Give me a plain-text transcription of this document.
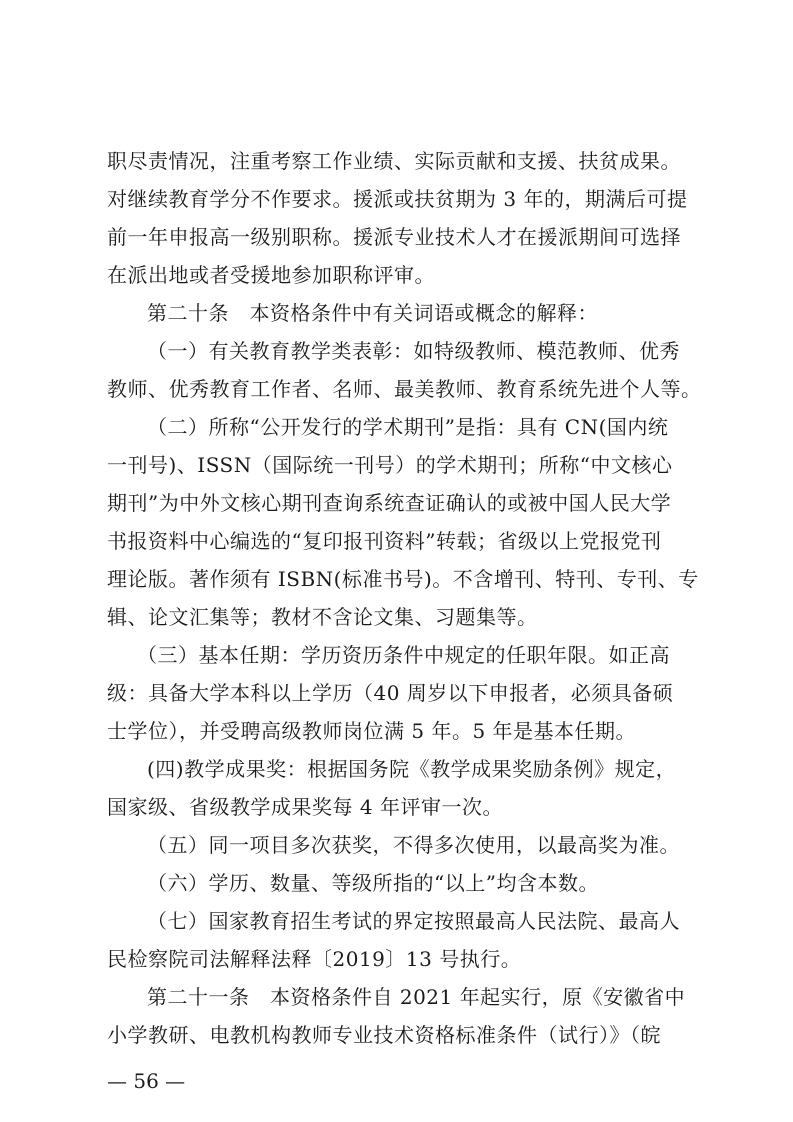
职尽责情况，注重考察工作业绩、实际贡献和支援、扶贫成果。
对继续教育学分不作要求。援派或扶贫期为 3 年的，期满后可提
前一年申报高一级别职称。援派专业技术人才在援派期间可选择
在派出地或者受援地参加职称评审。
第二十条　本资格条件中有关词语或概念的解释：
（一）有关教育教学类表彰：如特级教师、模范教师、优秀
教师、优秀教育工作者、名师、最美教师、教育系统先进个人等。
（二）所称“公开发行的学术期刊”是指：具有 CN(国内统
一刊号)、ISSN（国际统一刊号）的学术期刊；所称“中文核心
期刊”为中外文核心期刊查询系统查证确认的或被中国人民大学
书报资料中心编选的“复印报刊资料”转载；省级以上党报党刊
理论版。著作须有 ISBN(标准书号)。不含增刊、特刊、专刊、专
辑、论文汇集等；教材不含论文集、习题集等。
（三）基本任期：学历资历条件中规定的任职年限。如正高
级：具备大学本科以上学历（40 周岁以下申报者，必须具备硕
士学位），并受聘高级教师岗位满 5 年。5 年是基本任期。
(四)教学成果奖：根据国务院《教学成果奖励条例》规定，
国家级、省级教学成果奖每 4 年评审一次。
（五）同一项目多次获奖，不得多次使用，以最高奖为准。
（六）学历、数量、等级所指的“以上”均含本数。
（七）国家教育招生考试的界定按照最高人民法院、最高人
民检察院司法解释法释〔2019〕13 号执行。
第二十一条　本资格条件自 2021 年起实行，原《安徽省中
小学教研、电教机构教师专业技术资格标准条件（试行）》（皖
— 56 —
